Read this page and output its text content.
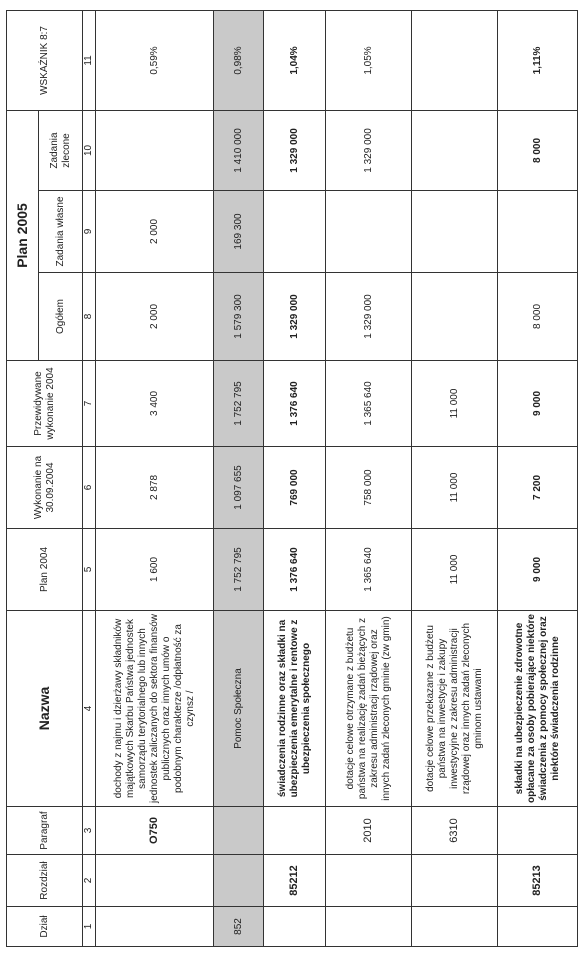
Dział	Rozdział	Paragraf	Nazwa	Plan 2004	Wykonanie na 30.09.2004	Przewidywane wykonanie 2004	Plan 2005			WSKAŹNIK 8:7
							Ogółem	Zadania własne	Zadania zlecone	
1	2	3	4	5	6	7	8	9	10	11
		O750	dochody z najmu i dzierżawy składników majątkowych Skarbu Państwa jednostek samorządu terytorialnego lub innych jednostek zaliczanych do sektora finansów publicznych oraz innych umów o podobnym charakterze /odpłatność za czynsz /	1 600	2 878	3 400	2 000	2 000		0,59%
852			Pomoc Społeczna	1 752 795	1 097 655	1 752 795	1 579 300	169 300	1 410 000	0,98%
	85212		świadczenia rodzinne oraz składki na ubezpieczenia emerytalne i rentowe z ubezpieczenia społecznego	1 376 640	769 000	1 376 640	1 329 000		1 329 000	1,04%
		2010	dotacje celowe otrzymane z budżetu państwa na realizację zadań bieżących z zakresu administracji rządowej oraz innych zadań zleconych gminie (zw gmin)	1 365 640	758 000	1 365 640	1 329 000		1 329 000	1,05%
		6310	dotacje celowe przekazane z budżetu państwa na inwestycje i zakupy inwestycyjne z zakresu administracji rządowej oraz innych zadań zleconych gminom ustawami	11 000	11 000	11 000				
	85213		składki na ubezpieczenie zdrowotne opłacane za osoby pobierające niektóre świadczenia z pomocy społecznej oraz niektóre świadczenia rodzinne	9 000	7 200	9 000	8 000		8 000	1,11%
